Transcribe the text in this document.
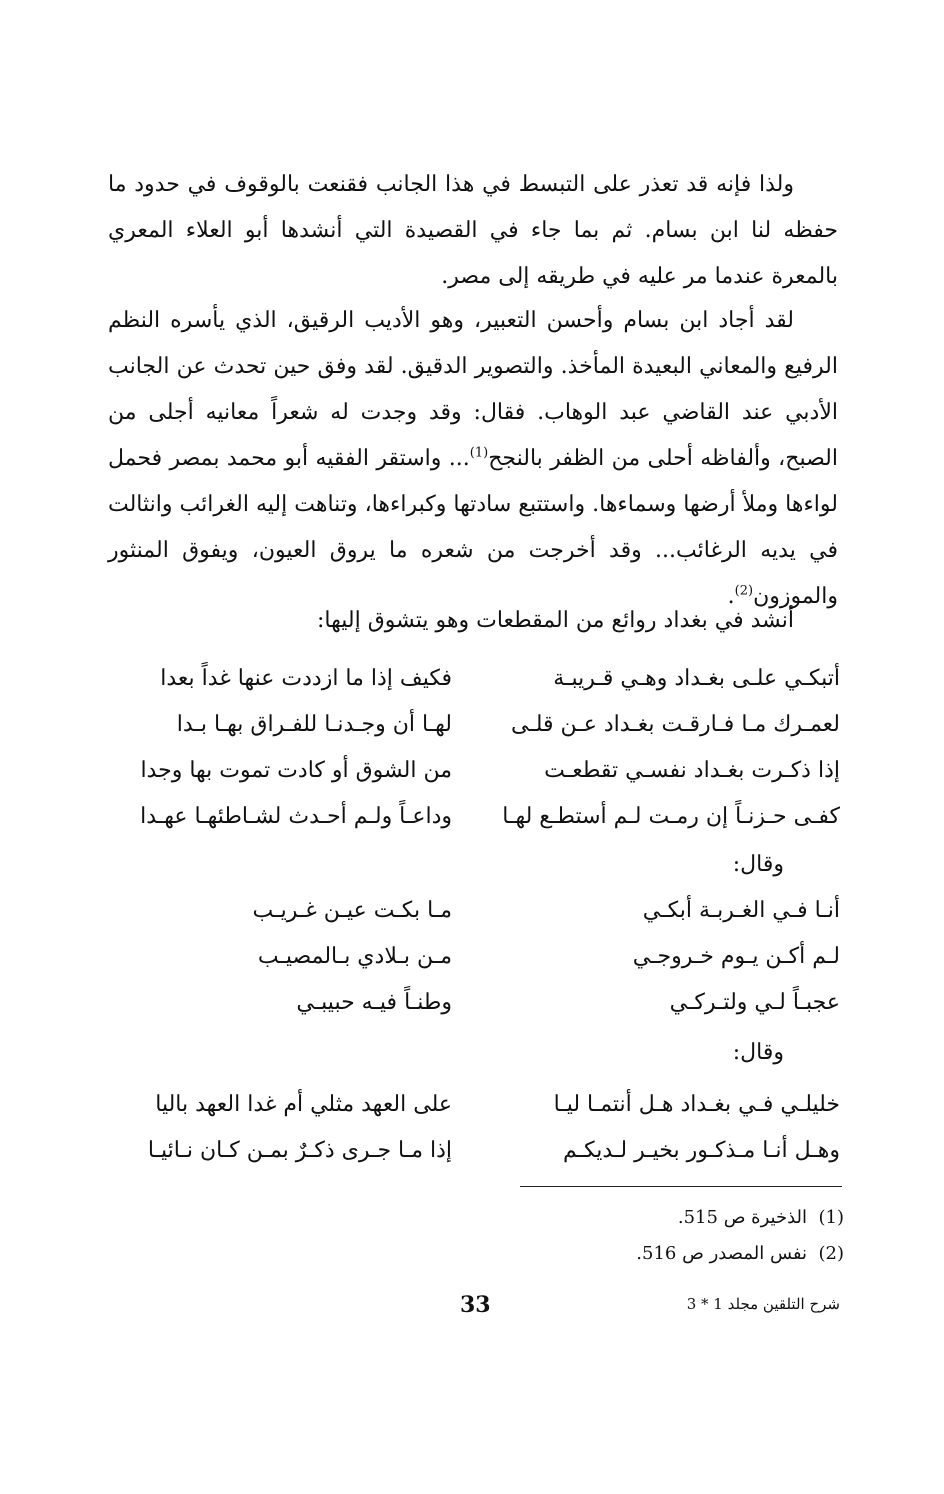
ولذا فإنه قد تعذر على التبسط في هذا الجانب فقنعت بالوقوف في حدود ما حفظه لنا ابن بسام. ثم بما جاء في القصيدة التي أنشدها أبو العلاء المعري بالمعرة عندما مر عليه في طريقه إلى مصر.

لقد أجاد ابن بسام وأحسن التعبير، وهو الأديب الرقيق، الذي يأسره النظم الرفيع والمعاني البعيدة المأخذ. والتصوير الدقيق. لقد وفق حين تحدث عن الجانب الأدبي عند القاضي عبد الوهاب. فقال: وقد وجدت له شعراً معانيه أجلى من الصبح، وألفاظه أحلى من الظفر بالنجح$^{(1)}$... واستقر الفقيه أبو محمد بمصر فحمل لواءها وملأ أرضها وسماءها. واستتبع سادتها وكبراءها، وتناهت إليه الغرائب وانثالت في يديه الرغائب... وقد أخرجت من شعره ما يروق العيون، ويفوق المنثور والموزون$^{(2)}$.

أنشد في بغداد روائع من المقطعات وهو يتشوق إليها:

أتبكـي علـى بغـداد وهـي قـريبـة
فكيف إذا ما ازددت عنها غداً بعدا
لعمـرك مـا فـارقـت بغـداد عـن قلـى
لهـا أن وجـدنـا للفـراق بهـا بـدا
إذا ذكـرت بغـداد نفسـي تقطعـت
من الشوق أو كادت تموت بها وجدا
كفـى حـزنـاً إن رمـت لـم أستطـع لهـا
وداعـاً ولـم أحـدث لشـاطئهـا عهـدا

وقال:

أنـا فـي الغـربـة أبكـي
مـا بكـت عيـن غـريـب
لـم أكـن يـوم خـروجـي
مـن بـلادي بـالمصيـب
عجبـاً لـي ولتـركـي
وطنـاً فيـه حبيبـي

وقال:

خليلـي فـي بغـداد هـل أنتمـا ليـا
على العهد مثلي أم غدا العهد باليا
وهـل أنـا مـذكـور بخيـر لـديكـم
إذا مـا جـرى ذكـرٌ بمـن كـان نـائيـا
(1)  الذخيرة ص 515.
(2)  نفس المصدر ص 516.
33	شرح التلقين مجلد 1 * 3
